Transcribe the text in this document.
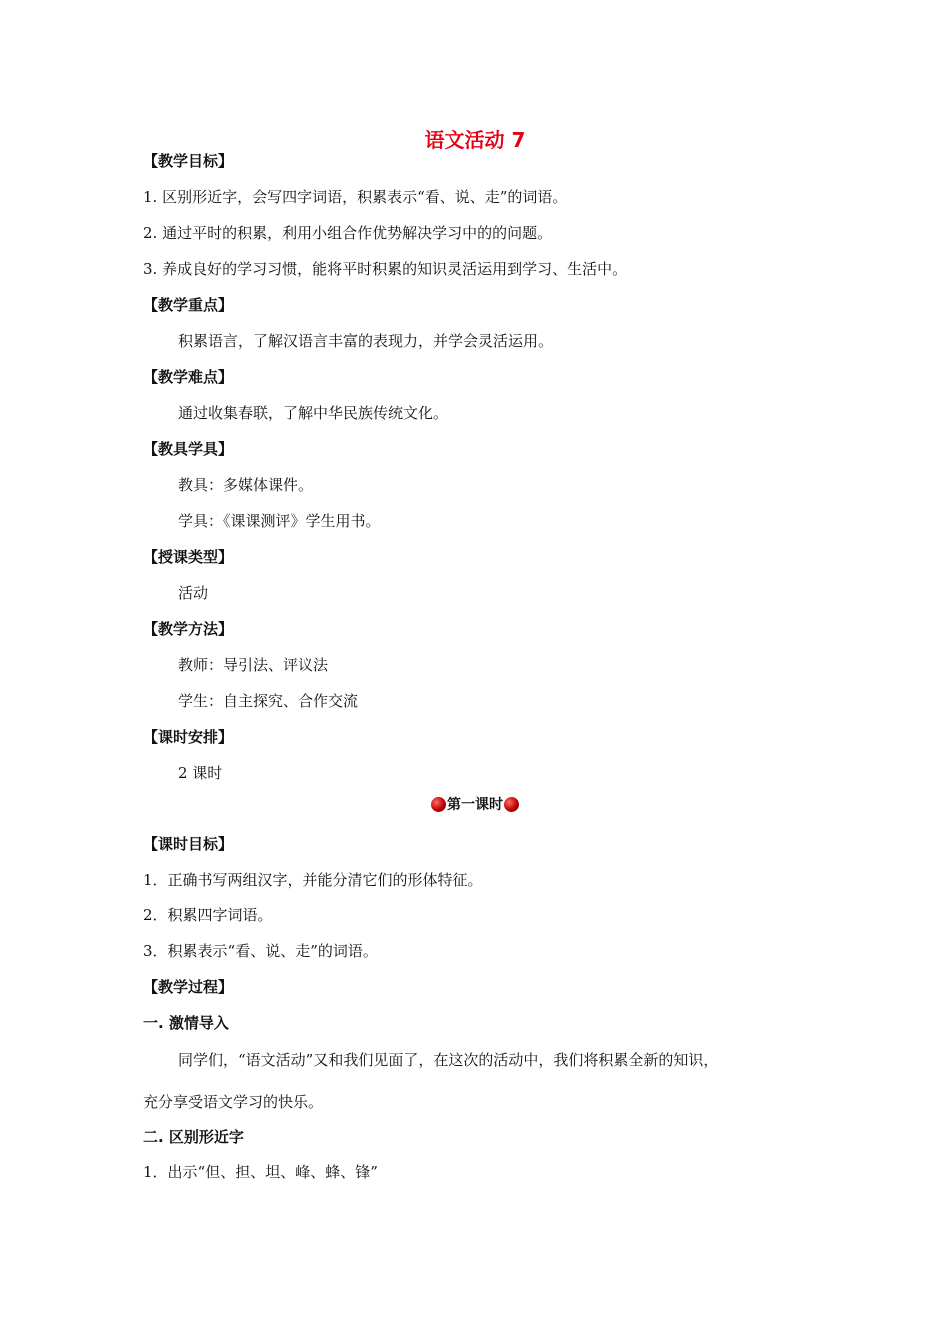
语文活动 7
【教学目标】
1. 区别形近字，会写四字词语，积累表示“看、说、走”的词语。
2. 通过平时的积累，利用小组合作优势解决学习中的的问题。
3. 养成良好的学习习惯，能将平时积累的知识灵活运用到学习、生活中。
【教学重点】
积累语言，了解汉语言丰富的表现力，并学会灵活运用。
【教学难点】
通过收集春联，了解中华民族传统文化。
【教具学具】
教具：多媒体课件。
学具：《课课测评》学生用书。
【授课类型】
活动
【教学方法】
教师：导引法、评议法
学生：自主探究、合作交流
【课时安排】
2 课时
第一课时
【课时目标】
1．正确书写两组汉字，并能分清它们的形体特征。
2．积累四字词语。
3．积累表示“看、说、走”的词语。
【教学过程】
一. 激情导入
同学们，“语文活动”又和我们见面了，在这次的活动中，我们将积累全新的知识，
充分享受语文学习的快乐。
二. 区别形近字
1．出示“但、担、坦、峰、蜂、锋”
